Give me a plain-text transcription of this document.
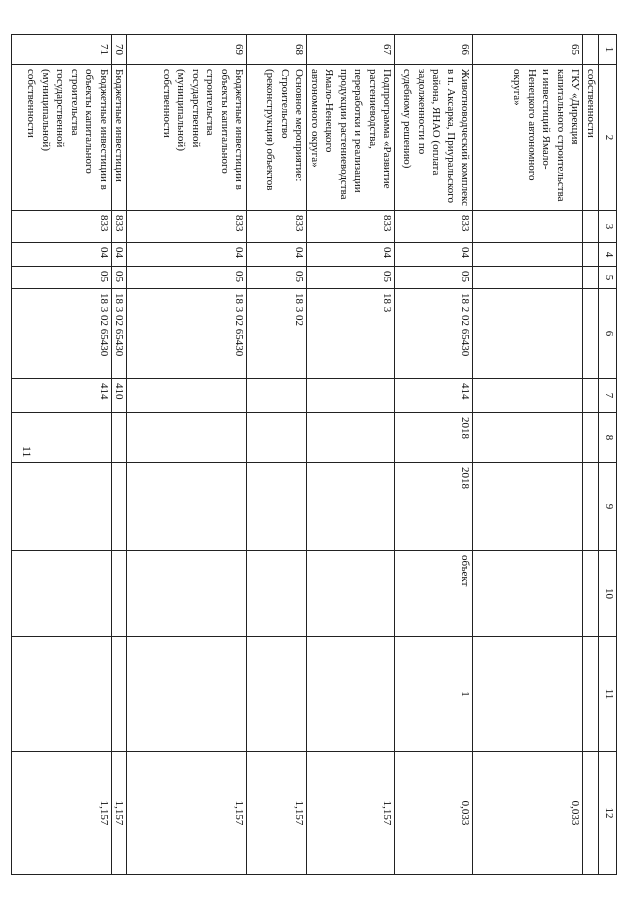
11
1	2	3	4	5	6	7	8	9	10	11	12
	собственности										
65	ГКУ «Дирекция капитального строительства и инвестиций Ямало-Ненецкого автономного округа»										0,033
66	Животноводческий комплекс в п. Аксарка, Приуральского района, ЯНАО (оплата задолженности по судебному решению)	833	04	05	18 2 02 65430	414	2018	2018	объект	1	0,033
67	Подпрограмма «Развитие растениеводства, переработки и реализации продукции растениеводства Ямало-Ненецкого автономного округа»	833	04	05	18 3						1,157
68	Основное мероприятие: Строительство (реконструкция) объектов	833	04	05	18 3 02						1,157
69	Бюджетные инвестиции в объекты капитального строительства государственной (муниципальной) собственности	833	04	05	18 3 02 65430						1,157
70	Бюджетные инвестиции	833	04	05	18 3 02 65430	410					1,157
71	Бюджетные инвестиции в объекты капитального строительства государственной (муниципальной) собственности	833	04	05	18 3 02 65430	414					1,157
